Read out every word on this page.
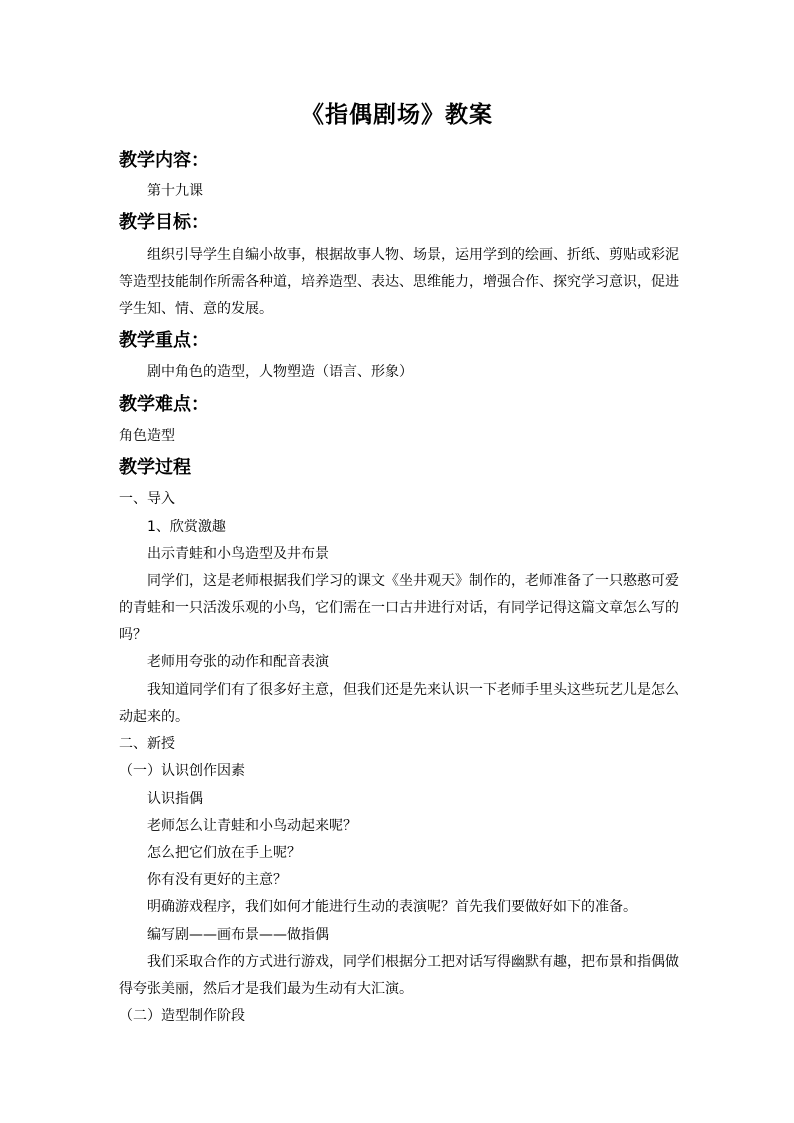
《指偶剧场》教案
教学内容：
第十九课
教学目标：
组织引导学生自编小故事，根据故事人物、场景，运用学到的绘画、折纸、剪贴或彩泥
等造型技能制作所需各种道，培养造型、表达、思维能力，增强合作、探究学习意识，促进
学生知、情、意的发展。
教学重点：
剧中角色的造型，人物塑造（语言、形象）
教学难点：
角色造型
教学过程
一、导入
1、欣赏激趣
出示青蛙和小鸟造型及井布景
同学们，这是老师根据我们学习的课文《坐井观天》制作的，老师准备了一只憨憨可爱
的青蛙和一只活泼乐观的小鸟，它们需在一口古井进行对话，有同学记得这篇文章怎么写的
吗？
老师用夸张的动作和配音表演
我知道同学们有了很多好主意，但我们还是先来认识一下老师手里头这些玩艺儿是怎么
动起来的。
二、新授
（一）认识创作因素
认识指偶
老师怎么让青蛙和小鸟动起来呢？
怎么把它们放在手上呢？
你有没有更好的主意？
明确游戏程序，我们如何才能进行生动的表演呢？首先我们要做好如下的准备。
编写剧——画布景——做指偶
我们采取合作的方式进行游戏，同学们根据分工把对话写得幽默有趣，把布景和指偶做
得夸张美丽，然后才是我们最为生动有大汇演。
（二）造型制作阶段
